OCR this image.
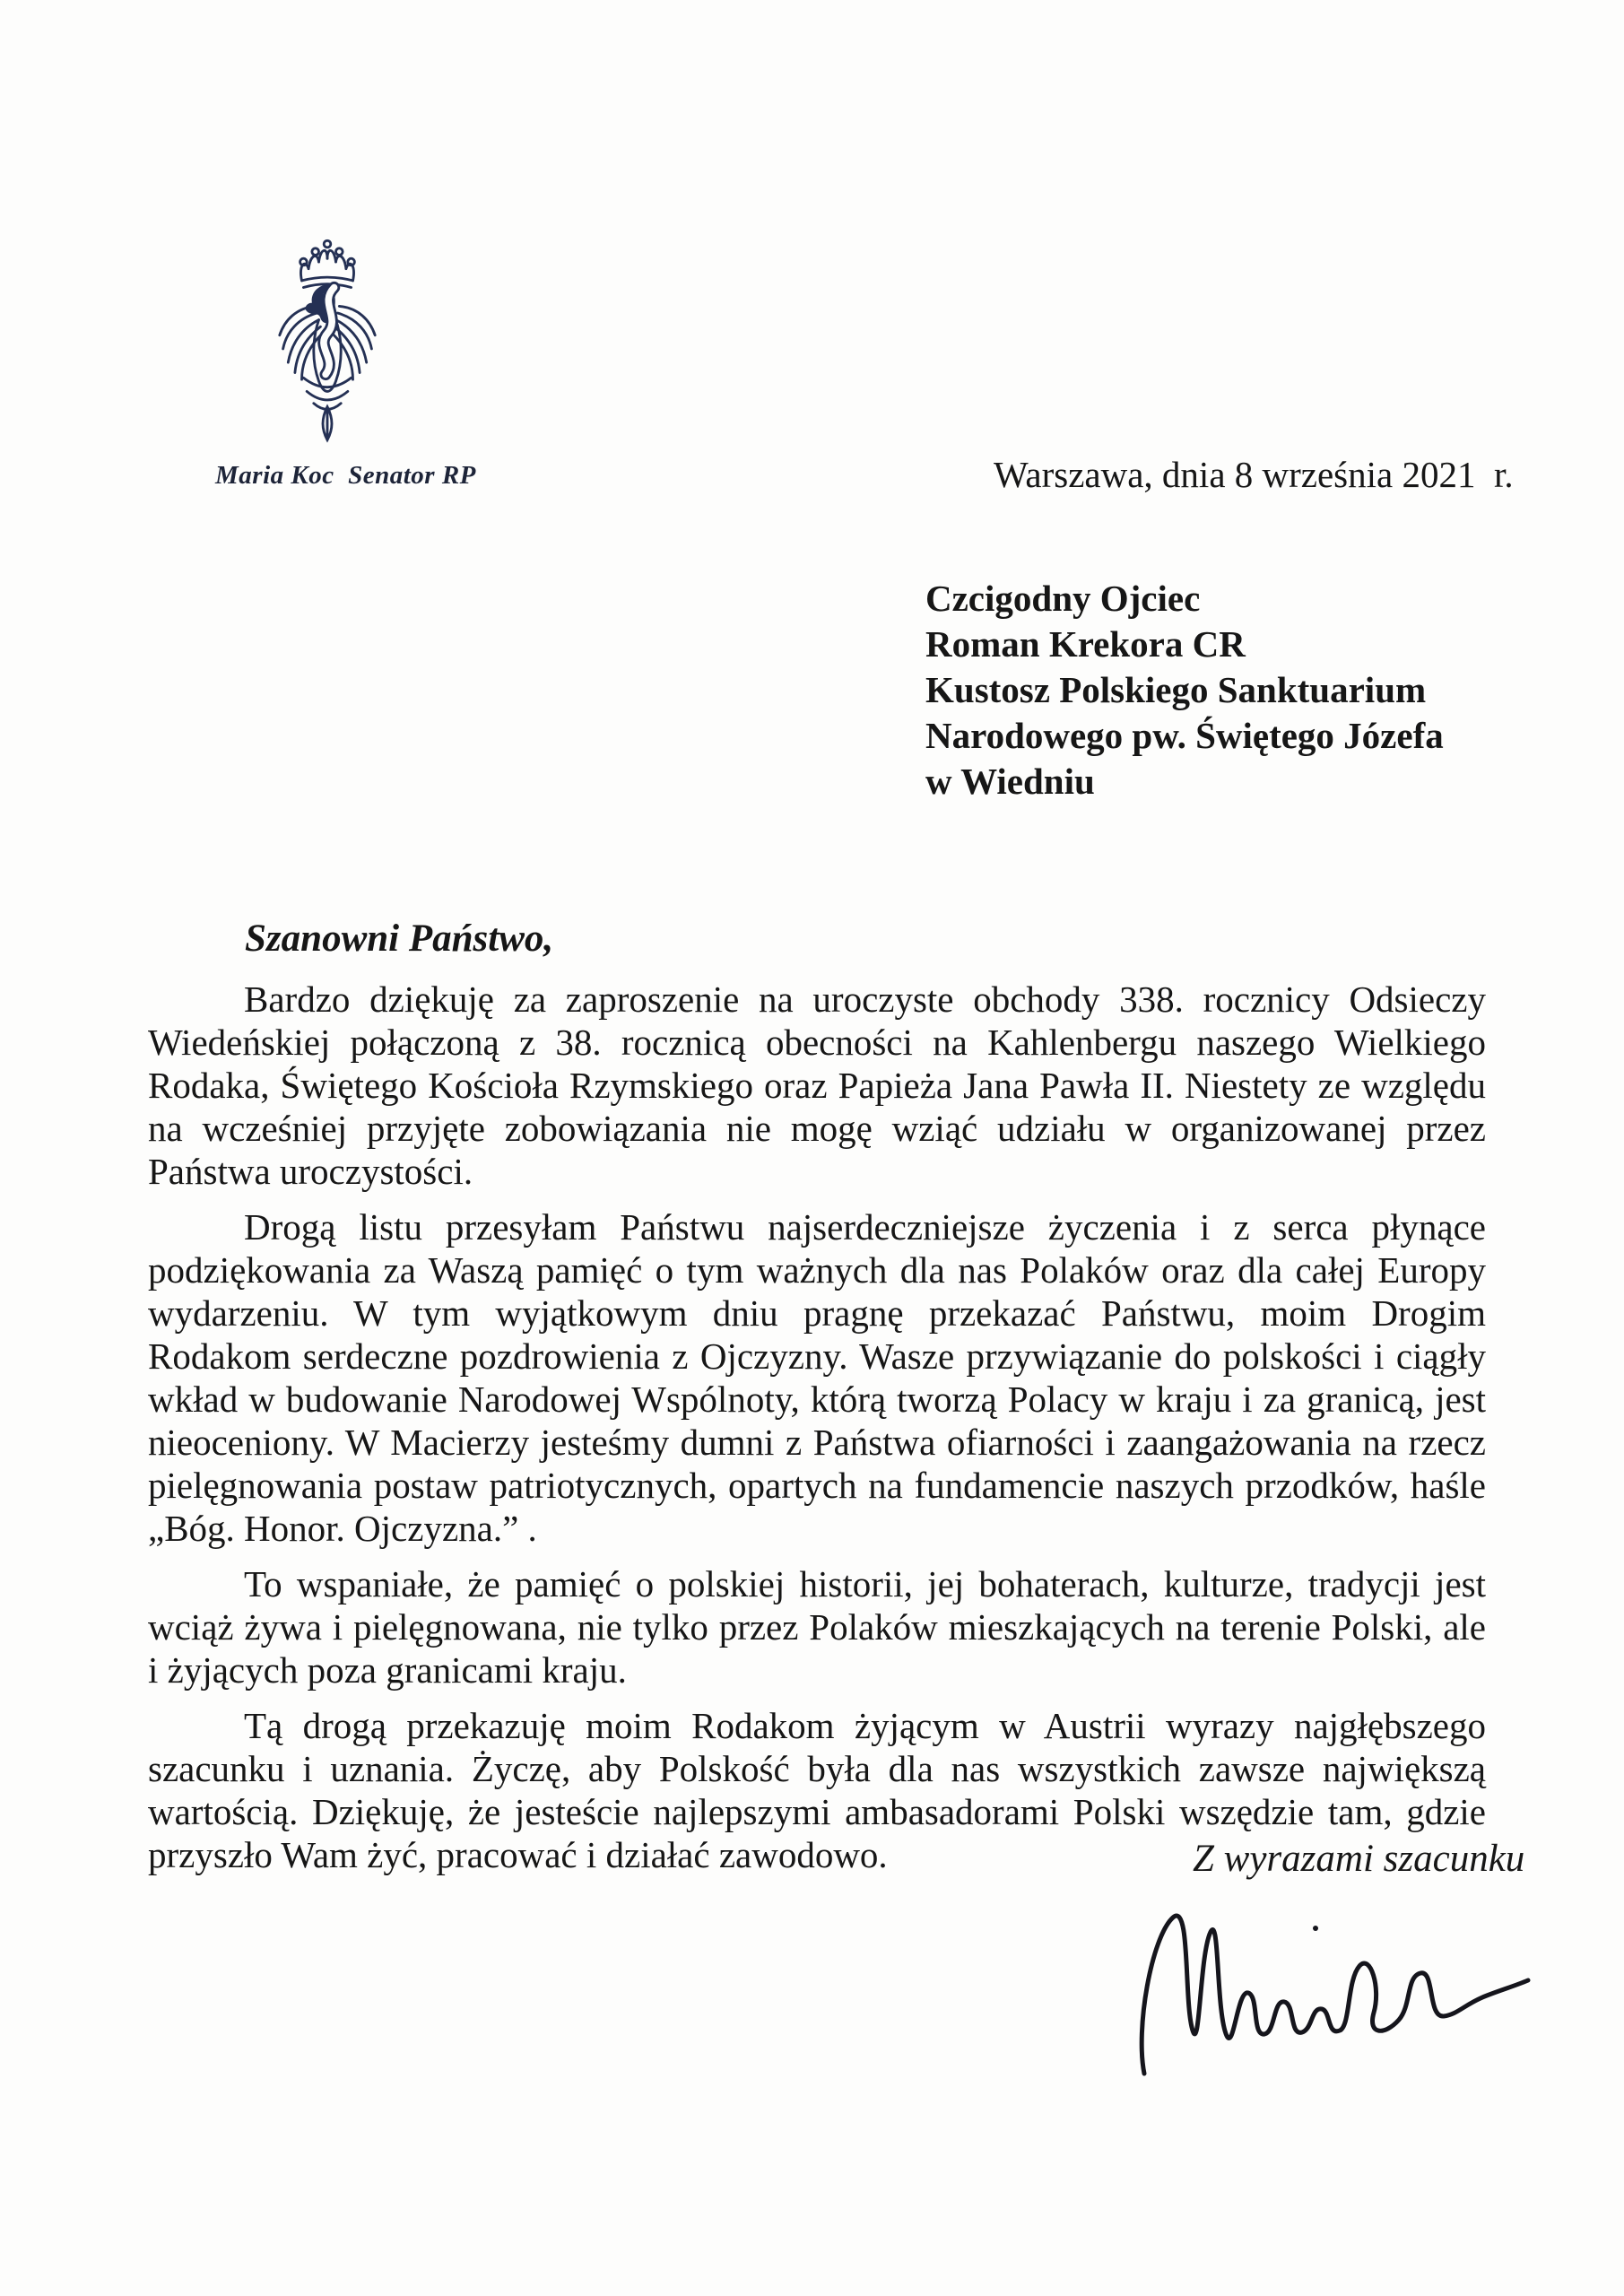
Maria Koc  Senator RP	Warszawa, dnia 8 września 2021  r.
Czcigodny Ojciec
Roman Krekora CR
Kustosz Polskiego Sanktuarium
Narodowego pw. Świętego Józefa
w Wiedniu
Szanowni Państwo,

Bardzo dziękuję za zaproszenie na uroczyste obchody 338. rocznicy Odsieczy Wiedeńskiej połączoną z 38. rocznicą obecności na Kahlenbergu naszego Wielkiego Rodaka, Świętego Kościoła Rzymskiego oraz Papieża Jana Pawła II. Niestety ze względu na wcześniej przyjęte zobowiązania nie mogę wziąć udziału w organizowanej przez Państwa uroczystości.

Drogą listu przesyłam Państwu najserdeczniejsze życzenia i z serca płynące podziękowania za Waszą pamięć o tym ważnych dla nas Polaków oraz dla całej Europy wydarzeniu. W tym wyjątkowym dniu pragnę przekazać Państwu, moim Drogim Rodakom serdeczne pozdrowienia z Ojczyzny. Wasze przywiązanie do polskości i ciągły wkład w budowanie Narodowej Wspólnoty, którą tworzą Polacy w kraju i za granicą, jest nieoceniony. W Macierzy jesteśmy dumni z Państwa ofiarności i zaangażowania na rzecz pielęgnowania postaw patriotycznych, opartych na fundamencie naszych przodków, haśle „Bóg. Honor. Ojczyzna.” .

To wspaniałe, że pamięć o polskiej historii, jej bohaterach, kulturze, tradycji jest wciąż żywa i pielęgnowana, nie tylko przez Polaków mieszkających na terenie Polski, ale i żyjących poza granicami kraju.

Tą drogą przekazuję moim Rodakom żyjącym w Austrii wyrazy najgłębszego szacunku i uznania. Życzę, aby Polskość była dla nas wszystkich zawsze największą wartością. Dziękuję, że jesteście najlepszymi ambasadorami Polski wszędzie tam, gdzie przyszło Wam żyć, pracować i działać zawodowo.	Z wyrazami szacunku
